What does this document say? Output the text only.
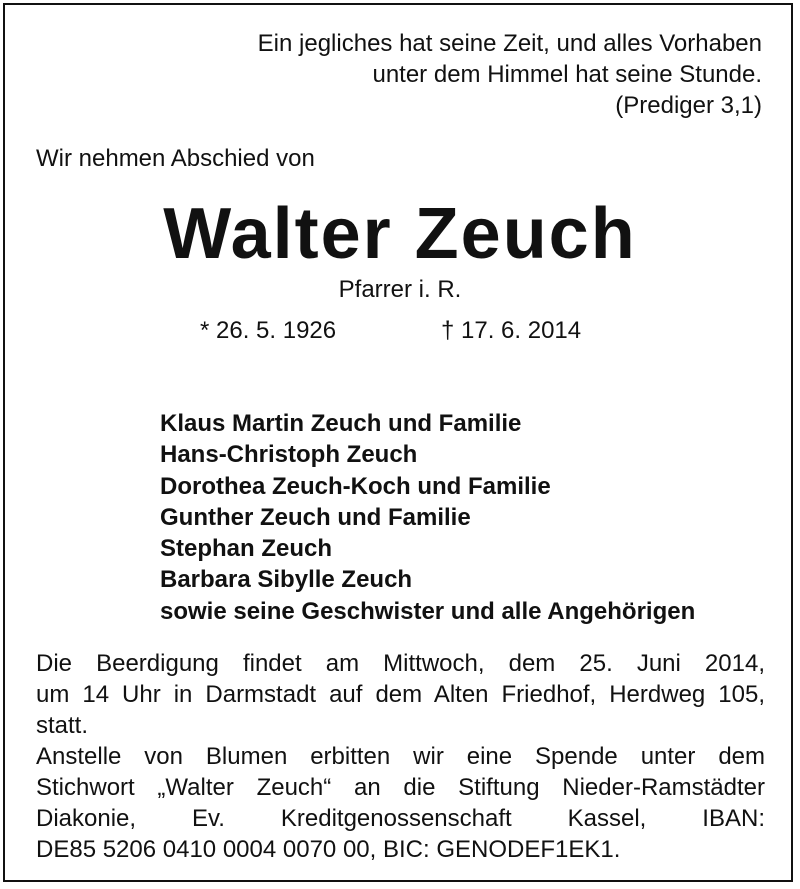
Ein jegliches hat seine Zeit, und alles Vorhaben
unter dem Himmel hat seine Stunde.
(Prediger 3,1)
Wir nehmen Abschied von
Walter Zeuch
Pfarrer i. R.
* 26. 5. 1926	† 17. 6. 2014
Klaus Martin Zeuch und Familie
Hans-Christoph Zeuch
Dorothea Zeuch-Koch und Familie
Gunther Zeuch und Familie
Stephan Zeuch
Barbara Sibylle Zeuch
sowie seine Geschwister und alle Angehörigen
Die Beerdigung findet am Mittwoch, dem 25. Juni 2014,
um 14 Uhr in Darmstadt auf dem Alten Friedhof, Herdweg 105,
statt.
Anstelle von Blumen erbitten wir eine Spende unter dem
Stichwort „Walter Zeuch“ an die Stiftung Nieder-Ramstädter
Diakonie, Ev. Kreditgenossenschaft Kassel, IBAN:
DE85 5206 0410 0004 0070 00, BIC: GENODEF1EK1.
